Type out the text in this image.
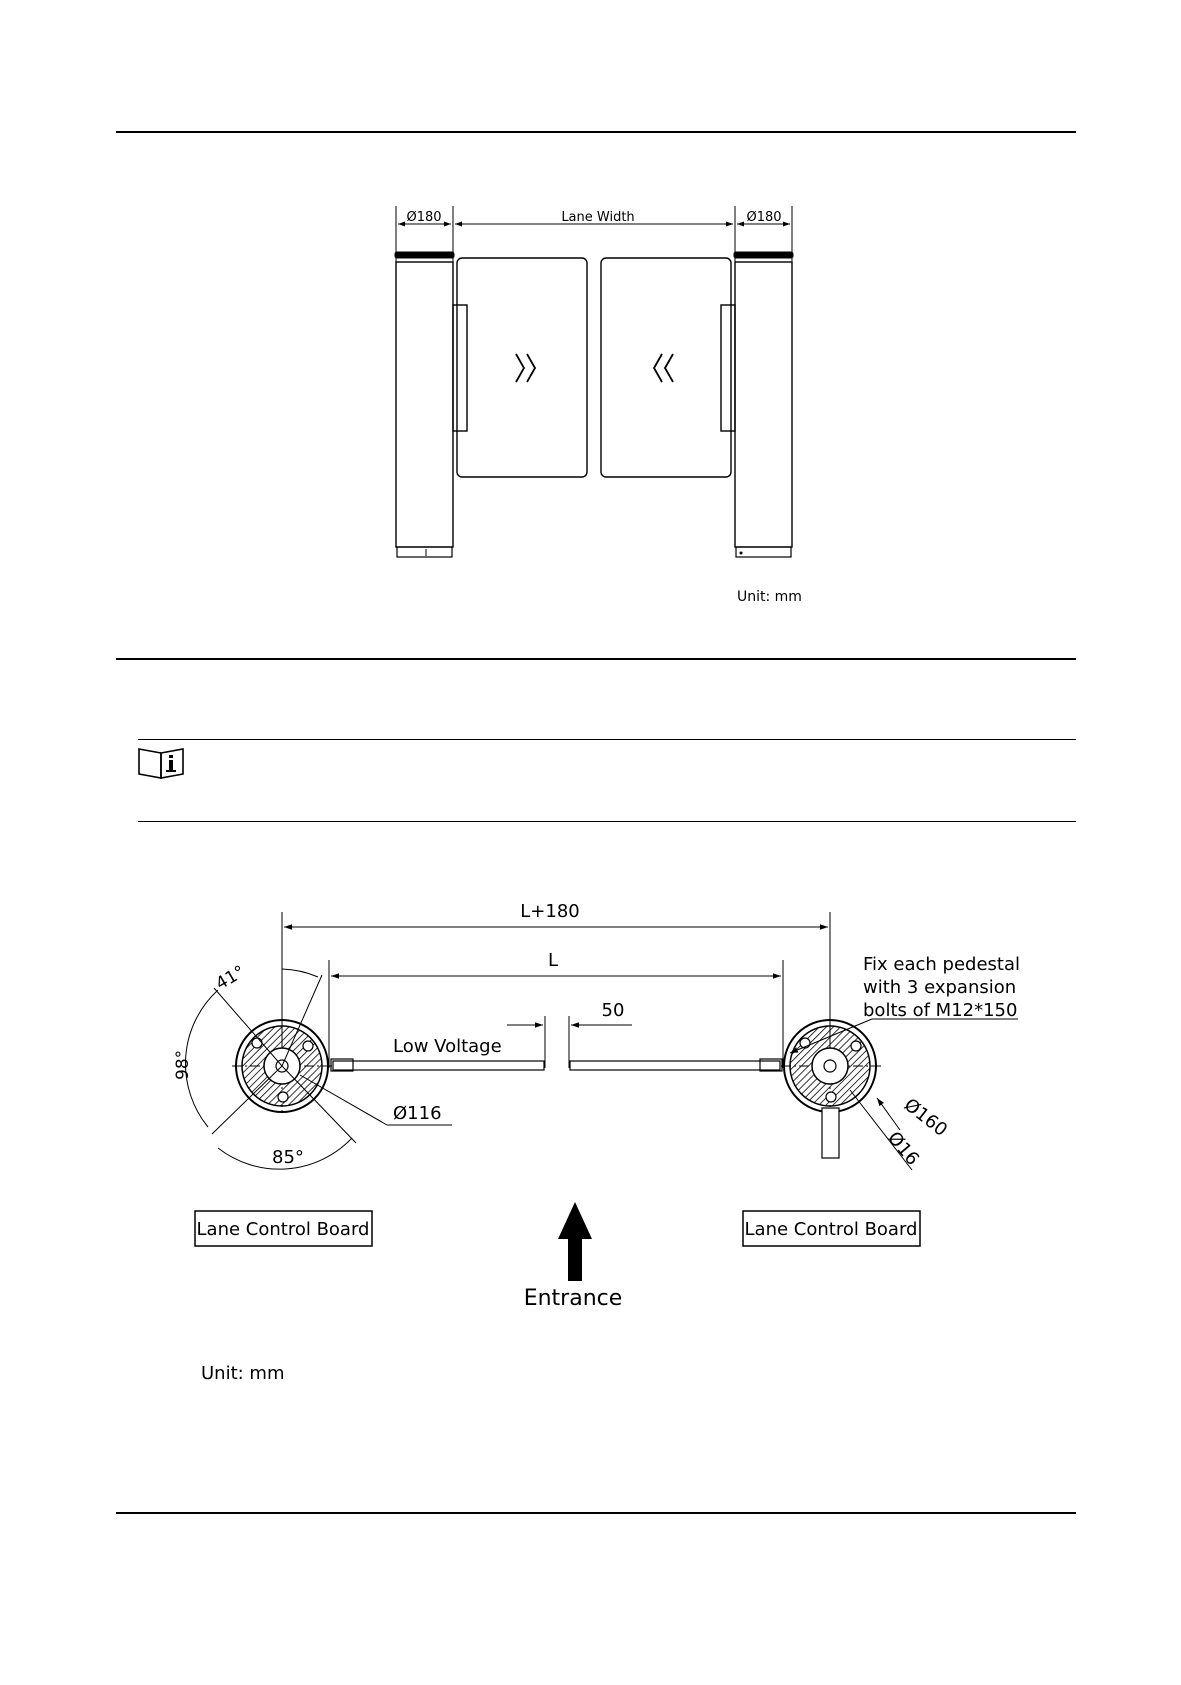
Ø180	Lane Width	Ø180
Unit: mm
L+180
L
50
Low Voltage
41°
98°
85°
Ø116
Fix each pedestal
with 3 expansion
bolts of M12*150
Ø160
Ø16
Lane Control Board	Lane Control Board
Entrance
Unit: mm
